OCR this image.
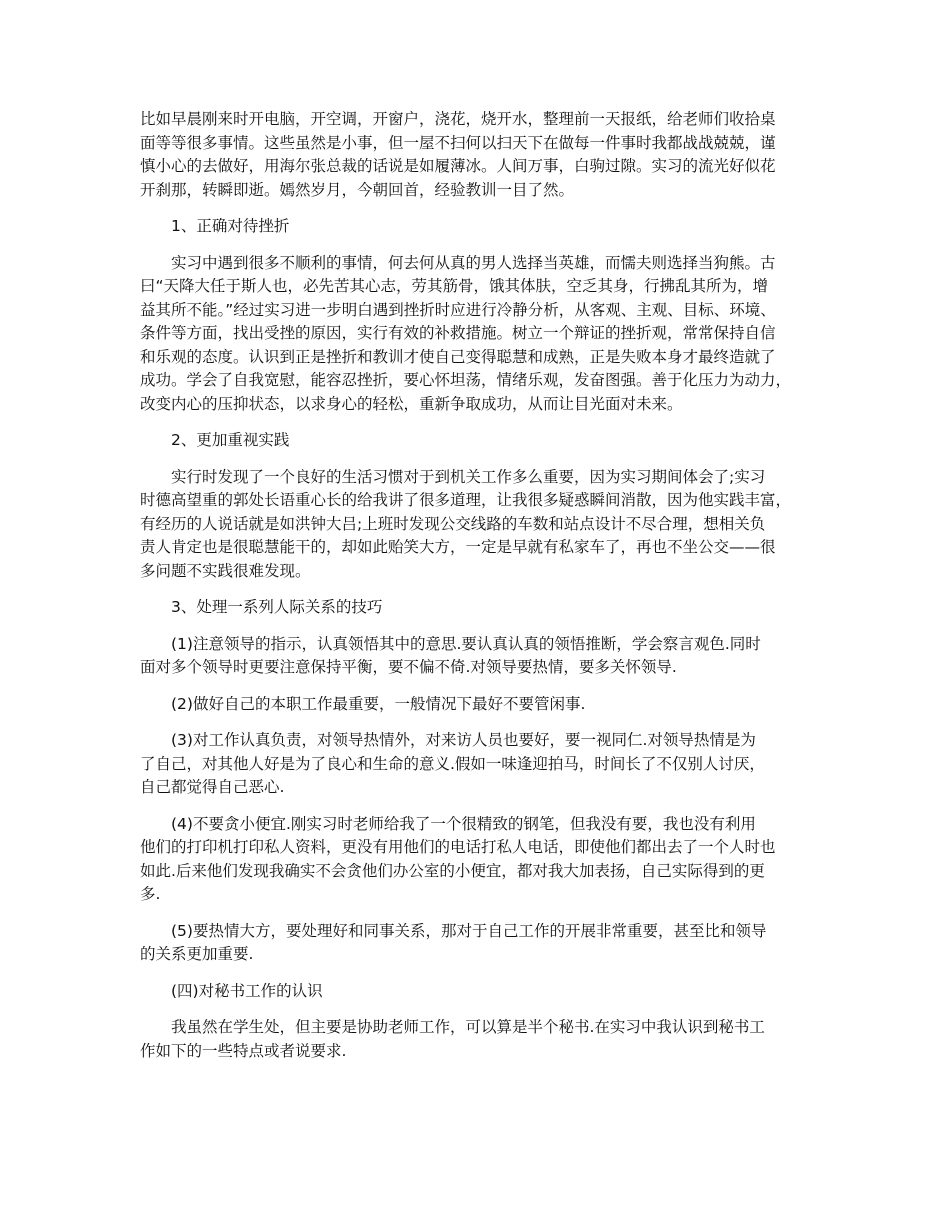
比如早晨刚来时开电脑，开空调，开窗户，浇花，烧开水，整理前一天报纸，给老师们收拾桌
面等等很多事情。这些虽然是小事，但一屋不扫何以扫天下在做每一件事时我都战战兢兢，谨
慎小心的去做好，用海尔张总裁的话说是如履薄冰。人间万事，白驹过隙。实习的流光好似花
开刹那，转瞬即逝。嫣然岁月，今朝回首，经验教训一目了然。
1、正确对待挫折
实习中遇到很多不顺利的事情，何去何从真的男人选择当英雄，而懦夫则选择当狗熊。古
曰“天降大任于斯人也，必先苦其心志，劳其筋骨，饿其体肤，空乏其身，行拂乱其所为，增
益其所不能。”经过实习进一步明白遇到挫折时应进行冷静分析，从客观、主观、目标、环境、
条件等方面，找出受挫的原因，实行有效的补救措施。树立一个辩证的挫折观，常常保持自信
和乐观的态度。认识到正是挫折和教训才使自己变得聪慧和成熟，正是失败本身才最终造就了
成功。学会了自我宽慰，能容忍挫折，要心怀坦荡，情绪乐观，发奋图强。善于化压力为动力，
改变内心的压抑状态，以求身心的轻松，重新争取成功，从而让目光面对未来。
2、更加重视实践
实行时发现了一个良好的生活习惯对于到机关工作多么重要，因为实习期间体会了;实习
时德高望重的郭处长语重心长的给我讲了很多道理，让我很多疑惑瞬间消散，因为他实践丰富，
有经历的人说话就是如洪钟大吕;上班时发现公交线路的车数和站点设计不尽合理，想相关负
责人肯定也是很聪慧能干的，却如此贻笑大方，一定是早就有私家车了，再也不坐公交——很
多问题不实践很难发现。
3、处理一系列人际关系的技巧
(1)注意领导的指示，认真领悟其中的意思.要认真认真的领悟推断，学会察言观色.同时
面对多个领导时更要注意保持平衡，要不偏不倚.对领导要热情，要多关怀领导.
(2)做好自己的本职工作最重要，一般情况下最好不要管闲事.
(3)对工作认真负责，对领导热情外，对来访人员也要好，要一视同仁.对领导热情是为
了自己，对其他人好是为了良心和生命的意义.假如一味逢迎拍马，时间长了不仅别人讨厌，
自己都觉得自己恶心.
(4)不要贪小便宜.刚实习时老师给我了一个很精致的钢笔，但我没有要，我也没有利用
他们的打印机打印私人资料，更没有用他们的电话打私人电话，即使他们都出去了一个人时也
如此.后来他们发现我确实不会贪他们办公室的小便宜，都对我大加表扬，自己实际得到的更
多.
(5)要热情大方，要处理好和同事关系，那对于自己工作的开展非常重要，甚至比和领导
的关系更加重要.
(四)对秘书工作的认识
我虽然在学生处，但主要是协助老师工作，可以算是半个秘书.在实习中我认识到秘书工
作如下的一些特点或者说要求.
